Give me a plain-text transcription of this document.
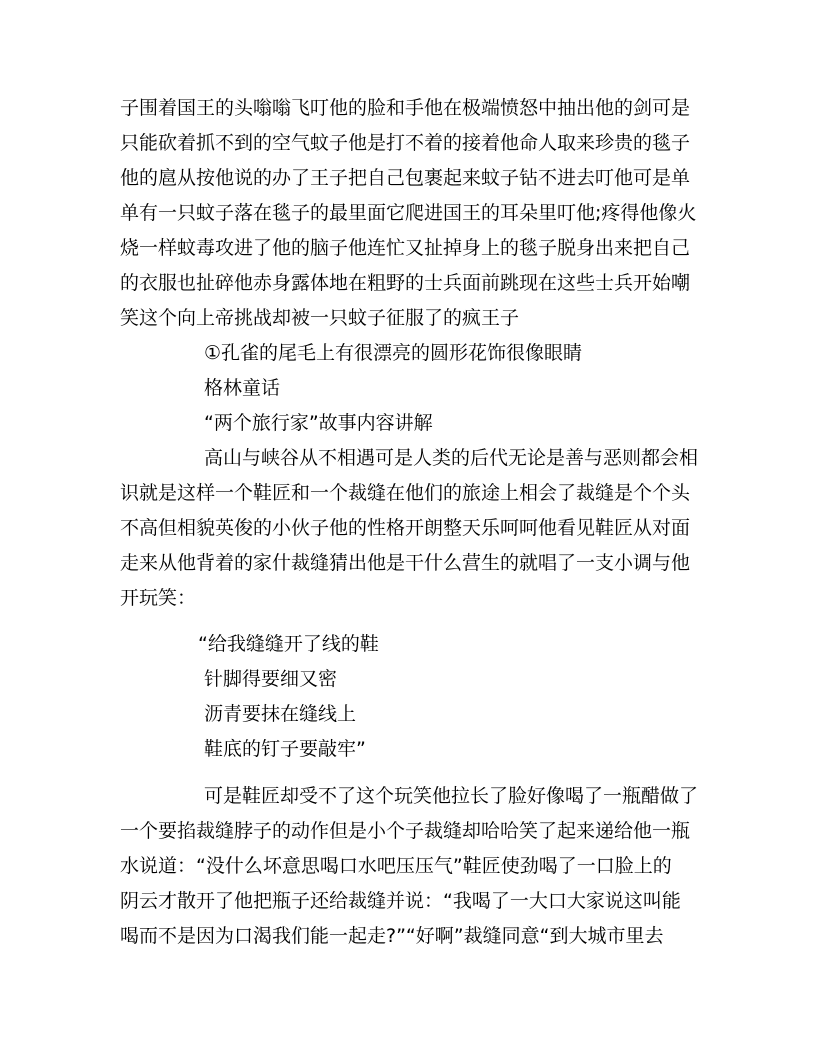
子围着国王的头嗡嗡飞叮他的脸和手他在极端愤怒中抽出他的剑可是
只能砍着抓不到的空气蚊子他是打不着的接着他命人取来珍贵的毯子
他的扈从按他说的办了王子把自己包裹起来蚊子钻不进去叮他可是单
单有一只蚊子落在毯子的最里面它爬进国王的耳朵里叮他;疼得他像火
烧一样蚊毒攻进了他的脑子他连忙又扯掉身上的毯子脱身出来把自己
的衣服也扯碎他赤身露体地在粗野的士兵面前跳现在这些士兵开始嘲
笑这个向上帝挑战却被一只蚊子征服了的疯王子
①孔雀的尾毛上有很漂亮的圆形花饰很像眼睛
格林童话
“两个旅行家”故事内容讲解
高山与峡谷从不相遇可是人类的后代无论是善与恶则都会相
识就是这样一个鞋匠和一个裁缝在他们的旅途上相会了裁缝是个个头
不高但相貌英俊的小伙子他的性格开朗整天乐呵呵他看见鞋匠从对面
走来从他背着的家什裁缝猜出他是干什么营生的就唱了一支小调与他
开玩笑：
“给我缝缝开了线的鞋
针脚得要细又密
沥青要抹在缝线上
鞋底的钉子要敲牢”
可是鞋匠却受不了这个玩笑他拉长了脸好像喝了一瓶醋做了
一个要掐裁缝脖子的动作但是小个子裁缝却哈哈笑了起来递给他一瓶
水说道：“没什么坏意思喝口水吧压压气”鞋匠使劲喝了一口脸上的
阴云才散开了他把瓶子还给裁缝并说：“我喝了一大口大家说这叫能
喝而不是因为口渴我们能一起走?”“好啊”裁缝同意“到大城市里去
